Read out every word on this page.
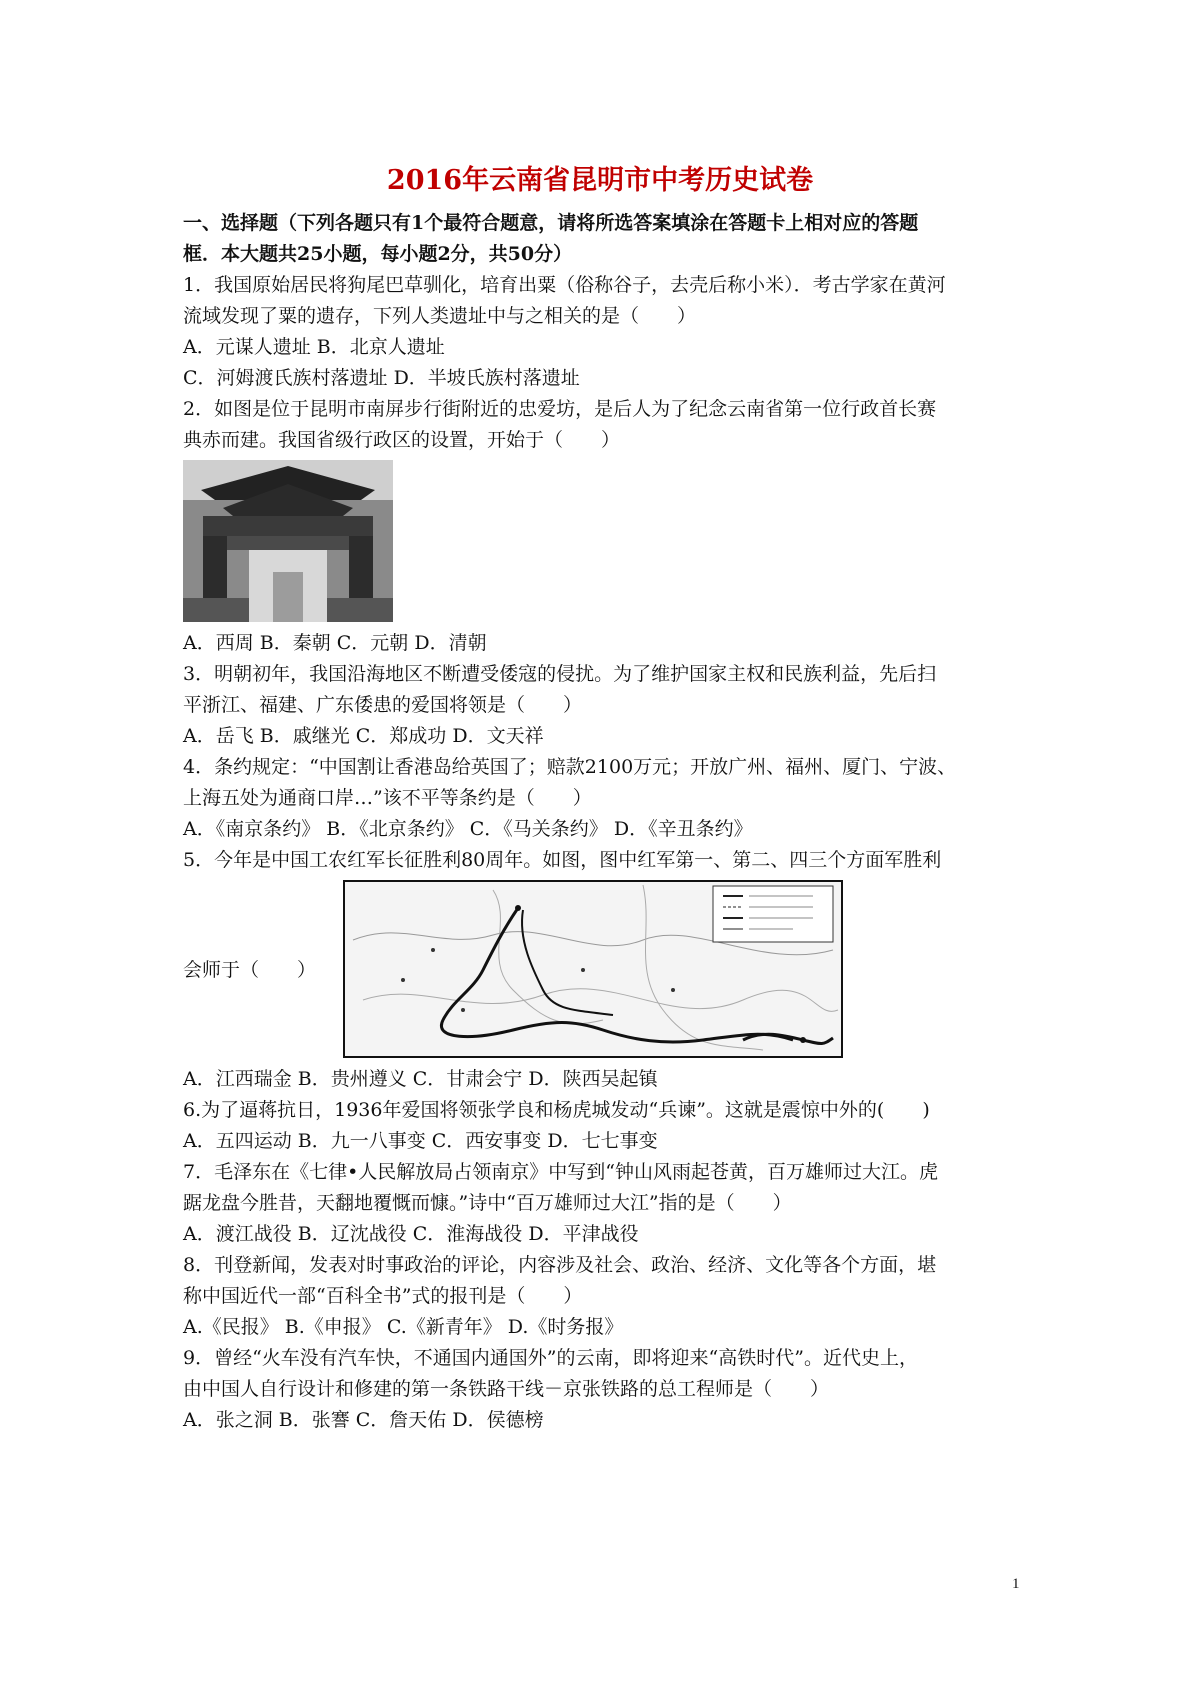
2016年云南省昆明市中考历史试卷
一、选择题（下列各题只有1个最符合题意，请将所选答案填涂在答题卡上相对应的答题
框．本大题共25小题，每小题2分，共50分）
1．我国原始居民将狗尾巴草驯化，培育出粟（俗称谷子，去壳后称小米）．考古学家在黄河
流域发现了粟的遗存，下列人类遗址中与之相关的是（　　）
A．元谋人遗址 B．北京人遗址
C．河姆渡氏族村落遗址 D．半坡氏族村落遗址
2．如图是位于昆明市南屏步行街附近的忠爱坊，是后人为了纪念云南省第一位行政首长赛
典赤而建。我国省级行政区的设置，开始于（　　）
A．西周 B．秦朝 C．元朝 D．清朝
3．明朝初年，我国沿海地区不断遭受倭寇的侵扰。为了维护国家主权和民族利益，先后扫
平浙江、福建、广东倭患的爱国将领是（　　）
A．岳飞 B．戚继光 C．郑成功 D．文天祥
4．条约规定：“中国割让香港岛给英国了；赔款2100万元；开放广州、福州、厦门、宁波、
上海五处为通商口岸…”该不平等条约是（　　）
A．《南京条约》 B．《北京条约》 C．《马关条约》 D．《辛丑条约》
5．今年是中国工农红军长征胜利80周年。如图，图中红军第一、第二、四三个方面军胜利
会师于（　　）
A．江西瑞金 B．贵州遵义 C．甘肃会宁 D．陕西吴起镇
6.为了逼蒋抗日，1936年爱国将领张学良和杨虎城发动“兵谏”。这就是震惊中外的(　　)
A．五四运动 B．九一八事变 C．西安事变 D．七七事变
7．毛泽东在《七律•人民解放局占领南京》中写到“钟山风雨起苍黄，百万雄师过大江。虎
踞龙盘今胜昔，天翻地覆慨而慷。”诗中“百万雄师过大江”指的是（　　）
A．渡江战役 B．辽沈战役 C．淮海战役 D．平津战役
8．刊登新闻，发表对时事政治的评论，内容涉及社会、政治、经济、文化等各个方面，堪
称中国近代一部“百科全书”式的报刊是（　　）
A.《民报》 B.《申报》 C.《新青年》 D.《时务报》
9．曾经“火车没有汽车快，不通国内通国外”的云南，即将迎来“高铁时代”。近代史上，
由中国人自行设计和修建的第一条铁路干线－京张铁路的总工程师是（　　）
A．张之洞 B．张謇 C．詹天佑 D．侯德榜
1
